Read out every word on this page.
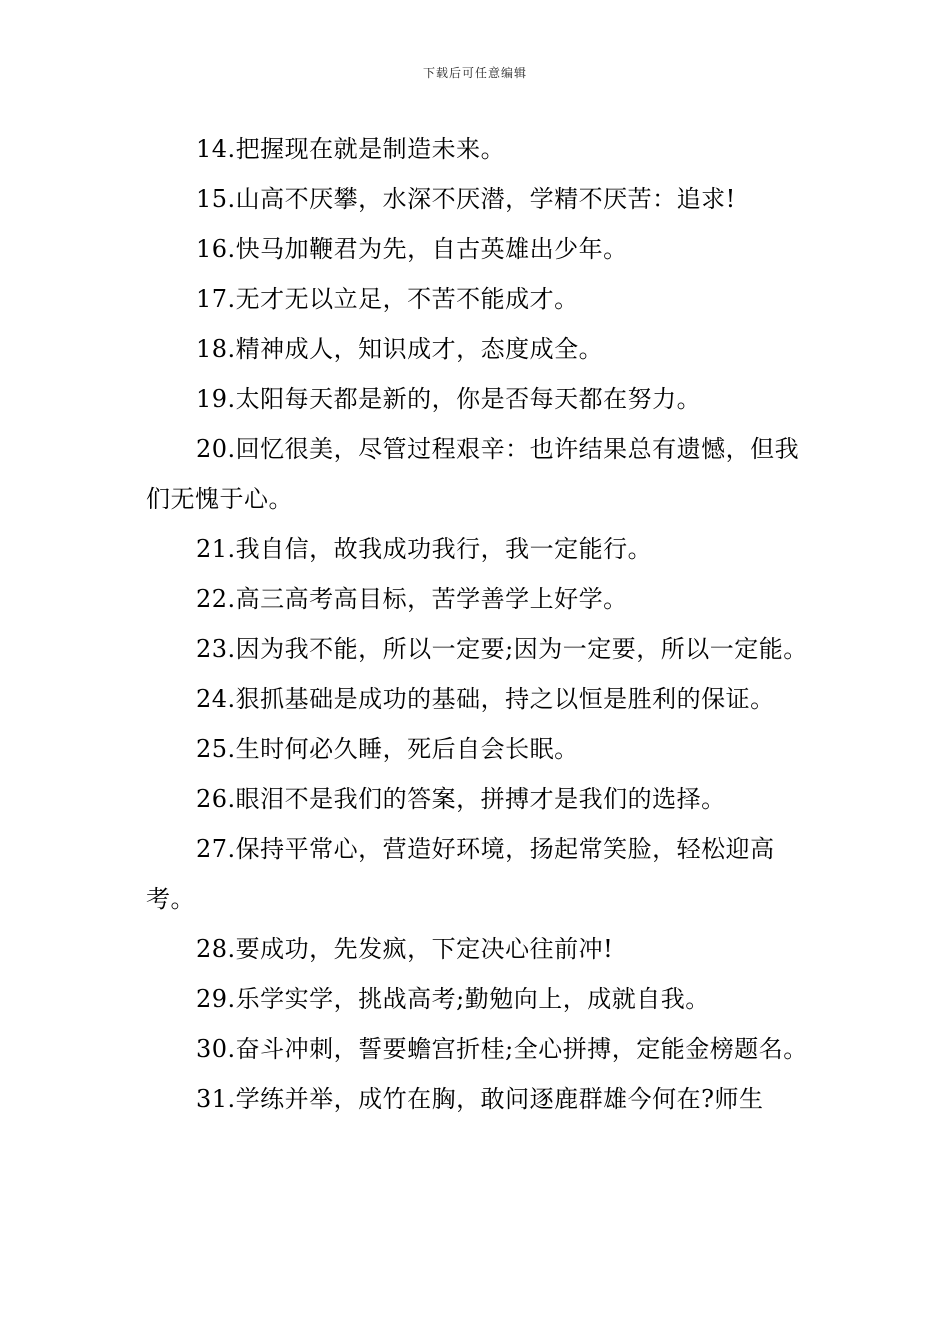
下载后可任意编辑

14.把握现在就是制造未来。

15.山高不厌攀，水深不厌潜，学精不厌苦：追求!

16.快马加鞭君为先，自古英雄出少年。

17.无才无以立足，不苦不能成才。

18.精神成人，知识成才，态度成全。

19.太阳每天都是新的，你是否每天都在努力。

20.回忆很美，尽管过程艰辛：也许结果总有遗憾，但我们无愧于心。

21.我自信，故我成功我行，我一定能行。

22.高三高考高目标，苦学善学上好学。

23.因为我不能，所以一定要;因为一定要，所以一定能。

24.狠抓基础是成功的基础，持之以恒是胜利的保证。

25.生时何必久睡，死后自会长眠。

26.眼泪不是我们的答案，拼搏才是我们的选择。

27.保持平常心，营造好环境，扬起常笑脸，轻松迎高考。

28.要成功，先发疯，下定决心往前冲!

29.乐学实学，挑战高考;勤勉向上，成就自我。

30.奋斗冲刺，誓要蟾宫折桂;全心拼搏，定能金榜题名。

31.学练并举，成竹在胸，敢问逐鹿群雄今何在?师生
